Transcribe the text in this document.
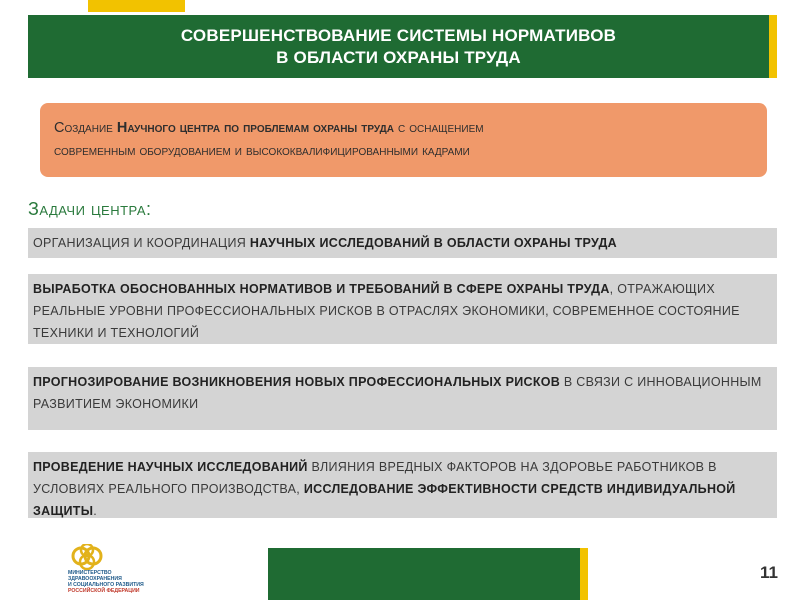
СОВЕРШЕНСТВОВАНИЕ СИСТЕМЫ НОРМАТИВОВ
В ОБЛАСТИ ОХРАНЫ ТРУДА
Создание Научного центра по проблемам охраны труда с оснащением
современным оборудованием и высококвалифицированными кадрами
Задачи центра:
ОРГАНИЗАЦИЯ И КООРДИНАЦИЯ НАУЧНЫХ ИССЛЕДОВАНИЙ В ОБЛАСТИ ОХРАНЫ ТРУДА
ВЫРАБОТКА ОБОСНОВАННЫХ НОРМАТИВОВ И ТРЕБОВАНИЙ В СФЕРЕ ОХРАНЫ ТРУДА, ОТРАЖАЮЩИХ РЕАЛЬНЫЕ УРОВНИ ПРОФЕССИОНАЛЬНЫХ РИСКОВ В ОТРАСЛЯХ ЭКОНОМИКИ, СОВРЕМЕННОЕ СОСТОЯНИЕ ТЕХНИКИ И ТЕХНОЛОГИЙ
ПРОГНОЗИРОВАНИЕ ВОЗНИКНОВЕНИЯ НОВЫХ ПРОФЕССИОНАЛЬНЫХ РИСКОВ В СВЯЗИ С ИННОВАЦИОННЫМ РАЗВИТИЕМ ЭКОНОМИКИ
ПРОВЕДЕНИЕ НАУЧНЫХ ИССЛЕДОВАНИЙ ВЛИЯНИЯ ВРЕДНЫХ ФАКТОРОВ НА ЗДОРОВЬЕ РАБОТНИКОВ В УСЛОВИЯХ РЕАЛЬНОГО ПРОИЗВОДСТВА, ИССЛЕДОВАНИЕ ЭФФЕКТИВНОСТИ СРЕДСТВ ИНДИВИДУАЛЬНОЙ ЗАЩИТЫ.
МИНИСТЕРСТВО
ЗДРАВООХРАНЕНИЯ
И СОЦИАЛЬНОГО РАЗВИТИЯ
РОССИЙСКОЙ ФЕДЕРАЦИИ
11
